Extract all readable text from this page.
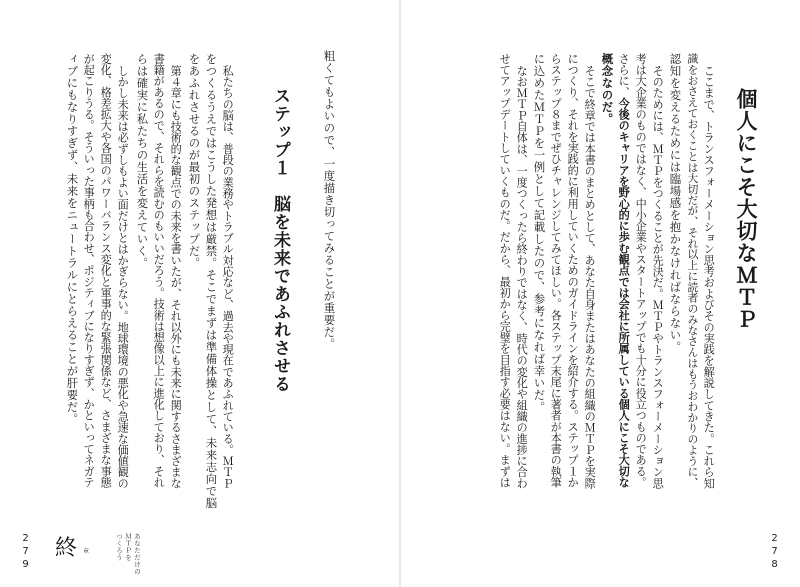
粗くてもよいので、一度描き切ってみることが重要だ。
ステップ１　脳を未来であふれさせる
私たちの脳は、普段の業務やトラブル対応など、過去や現在であふれている。ＭＴＰ
をつくるうえではこうした発想は厳禁。そこでまずは準備体操として、未来志向で脳
をあふれさせるのが最初のステップだ。
第４章にも技術的な観点での未来を書いたが、それ以外にも未来に関するさまざまな
書籍があるので、それらを読むのもいいだろう。技術は想像以上に進化しており、それ
らは確実に私たちの生活を変えていく。
しかし未来は必ずしもよい面だけとはかぎらない。地球環境の悪化や急速な価値観の
変化、格差拡大や各国のパワーバランス変化と軍事的な緊張関係など、さまざまな事態
が起こりうる。そういった事柄も合わせ、ポジティブになりすぎず、かといってネガテ
ィブにもなりすぎず、未来をニュートラルにとらえることが肝要だ。
279 終 章	あなただけの
ＭＴＰを
つくろう
個人にこそ大切なＭＴＰ
ここまで、トランスフォーメーション思考およびその実践を解説してきた。これら知
識をおさえておくことは大切だが、それ以上に読者のみなさんはもうおわかりのように、
認知を変えるためには臨場感を抱かなければならない。
そのためには、ＭＴＰをつくることが先決だ。ＭＴＰやトランスフォーメーション思
考は大企業のものではなく、中小企業やスタートアップでも十分に役立つものである。
さらに、今後のキャリアを野心的に歩む観点では会社に所属している個人にこそ大切な
概念なのだ。
そこで終章では本書のまとめとして、あなた自身またはあなたの組織のＭＴＰを実際
につくり、それを実践的に利用していくためのガイドラインを紹介する。ステップ１か
らステップ８までぜひチャレンジしてみてほしい。各ステップ末尾に著者が本書の執筆
に込めたＭＴＰを一例として記載したので、参考になれば幸いだ。
なおＭＴＰ自体は、一度つくったら終わりではなく、時代の変化や組織の進捗に合わ
せてアップデートしていくものだ。だから、最初から完璧を目指す必要はない。まずは
278
